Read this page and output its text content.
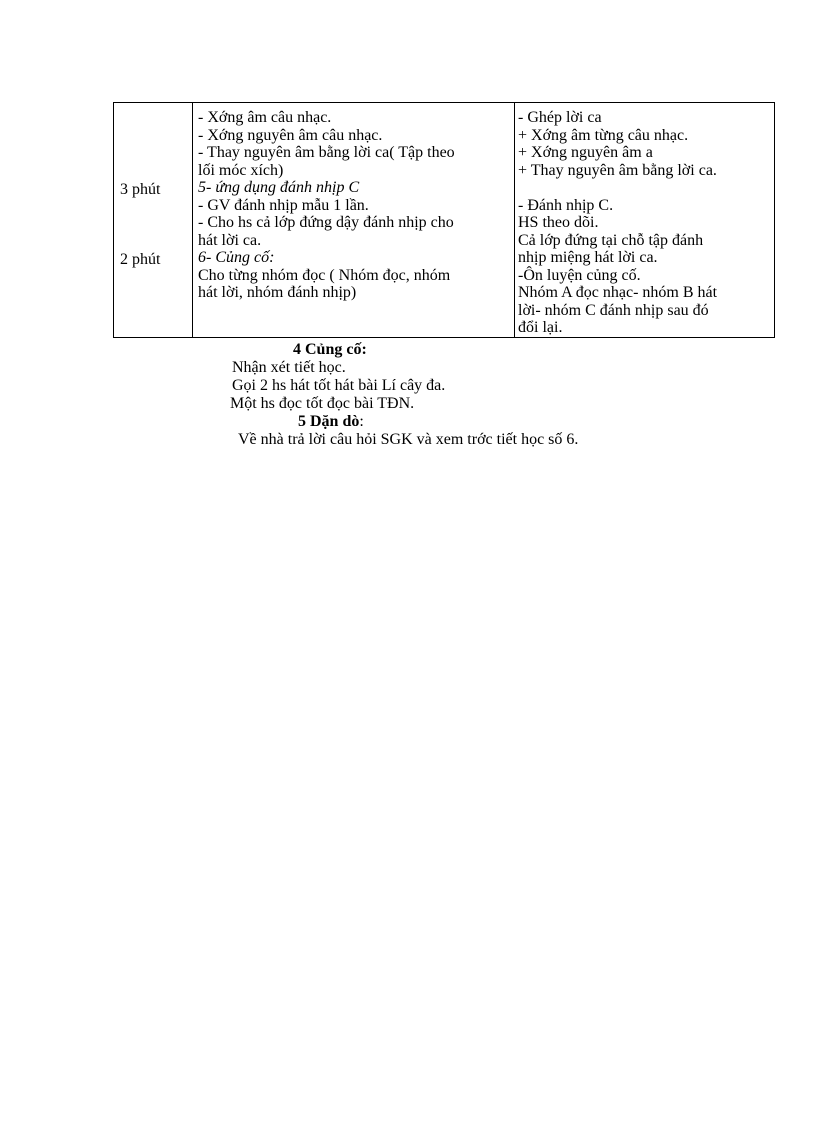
3 phút
2 phút
- Xớng âm câu nhạc.
- Xớng nguyên âm câu nhạc.
- Thay nguyên âm bằng lời ca( Tập theo
lối móc xích)
5- ứng dụng đánh nhịp C
- GV đánh nhịp mẫu 1 lần.
- Cho hs cả lớp đứng dậy đánh nhịp cho
hát lời ca.
6- Củng cố:
Cho từng nhóm đọc ( Nhóm đọc, nhóm
hát lời, nhóm đánh nhịp)
- Ghép lời ca
+ Xớng âm từng câu nhạc.
+ Xớng nguyên âm a
+ Thay nguyên âm bằng lời ca.
- Đánh nhịp C.
HS theo dõi.
Cả lớp đứng tại chỗ tập đánh
nhịp miệng hát lời ca.
-Ôn luyện củng cố.
Nhóm A đọc nhạc- nhóm B hát
lời- nhóm C đánh nhịp sau đó
đổi lại.
4 Củng cố:
Nhận xét tiết học.
Gọi 2 hs hát tốt hát bài Lí cây đa.
Một hs đọc tốt đọc bài TĐN.
5 Dặn dò:
Về nhà trả lời câu hỏi SGK và xem trớc tiết học số 6.
